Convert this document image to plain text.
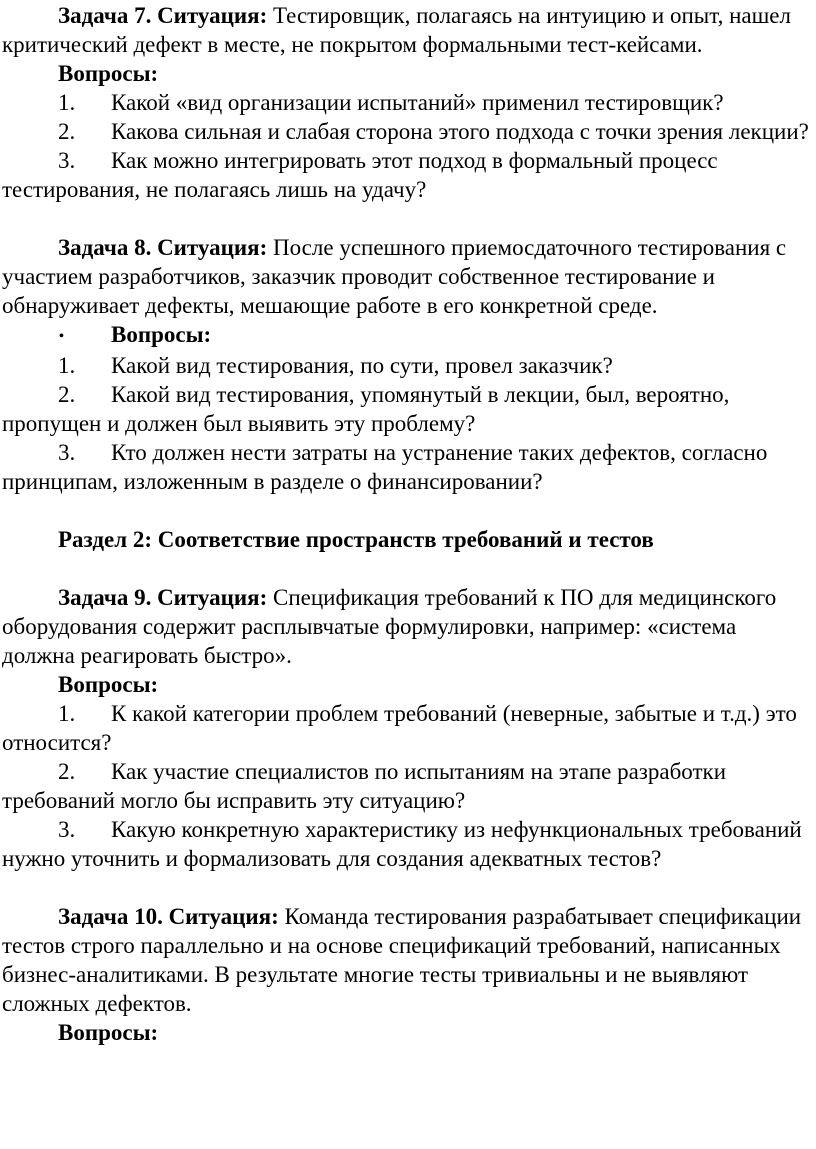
Задача 7. Ситуация: Тестировщик, полагаясь на интуицию и опыт, нашел критический дефект в месте, не покрытом формальными тест-кейсами.

Вопросы:

1. Какой «вид организации испытаний» применил тестировщик?

2. Какова сильная и слабая сторона этого подхода с точки зрения лекции?

3. Как можно интегрировать этот подход в формальный процесс тестирования, не полагаясь лишь на удачу?

Задача 8. Ситуация: После успешного приемосдаточного тестирования с участием разработчиков, заказчик проводит собственное тестирование и обнаруживает дефекты, мешающие работе в его конкретной среде.

• Вопросы:

1. Какой вид тестирования, по сути, провел заказчик?

2. Какой вид тестирования, упомянутый в лекции, был, вероятно, пропущен и должен был выявить эту проблему?

3. Кто должен нести затраты на устранение таких дефектов, согласно принципам, изложенным в разделе о финансировании?

Раздел 2: Соответствие пространств требований и тестов

Задача 9. Ситуация: Спецификация требований к ПО для медицинского оборудования содержит расплывчатые формулировки, например: «система должна реагировать быстро».

Вопросы:

1. К какой категории проблем требований (неверные, забытые и т.д.) это относится?

2. Как участие специалистов по испытаниям на этапе разработки требований могло бы исправить эту ситуацию?

3. Какую конкретную характеристику из нефункциональных требований нужно уточнить и формализовать для создания адекватных тестов?

Задача 10. Ситуация: Команда тестирования разрабатывает спецификации тестов строго параллельно и на основе спецификаций требований, написанных бизнес-аналитиками. В результате многие тесты тривиальны и не выявляют сложных дефектов.

Вопросы:
